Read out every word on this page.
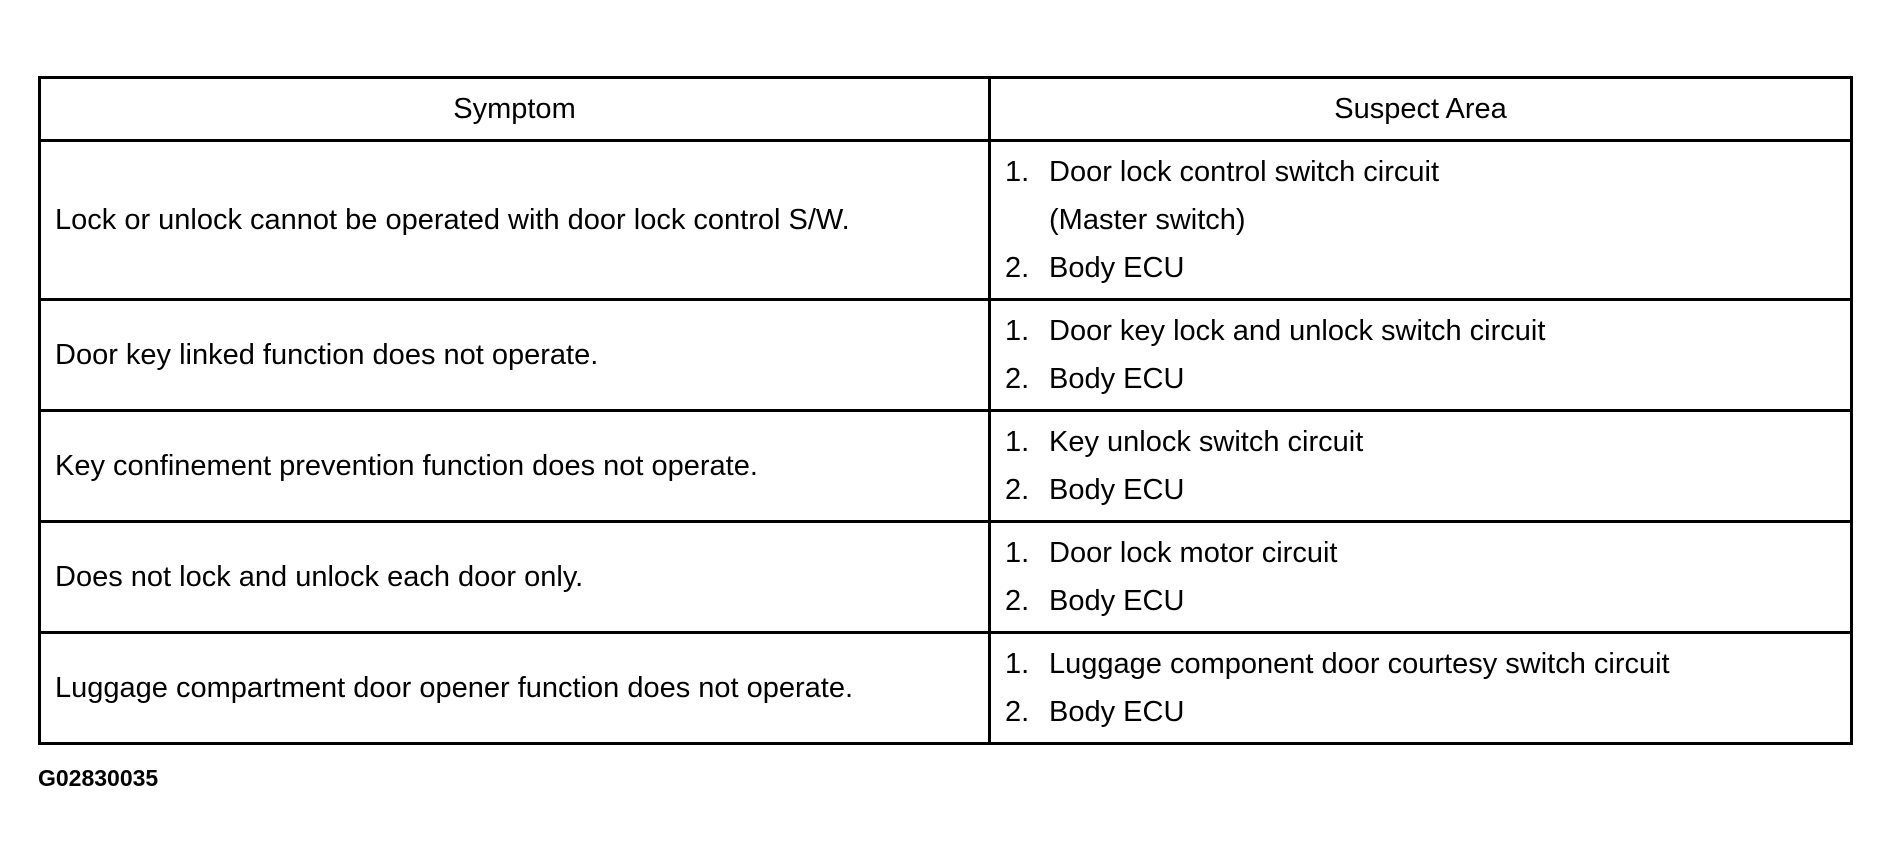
Symptom	Suspect Area
Lock or unlock cannot be operated with door lock control S/W.	1. Door lock control switch circuit
(Master switch)
2. Body ECU

Door key linked function does not operate.	1. Door key lock and unlock switch circuit
2. Body ECU

Key confinement prevention function does not operate.	1. Key unlock switch circuit
2. Body ECU

Does not lock and unlock each door only.	1. Door lock motor circuit
2. Body ECU

Luggage compartment door opener function does not operate.	1. Luggage component door courtesy switch circuit
2. Body ECU
G02830035
